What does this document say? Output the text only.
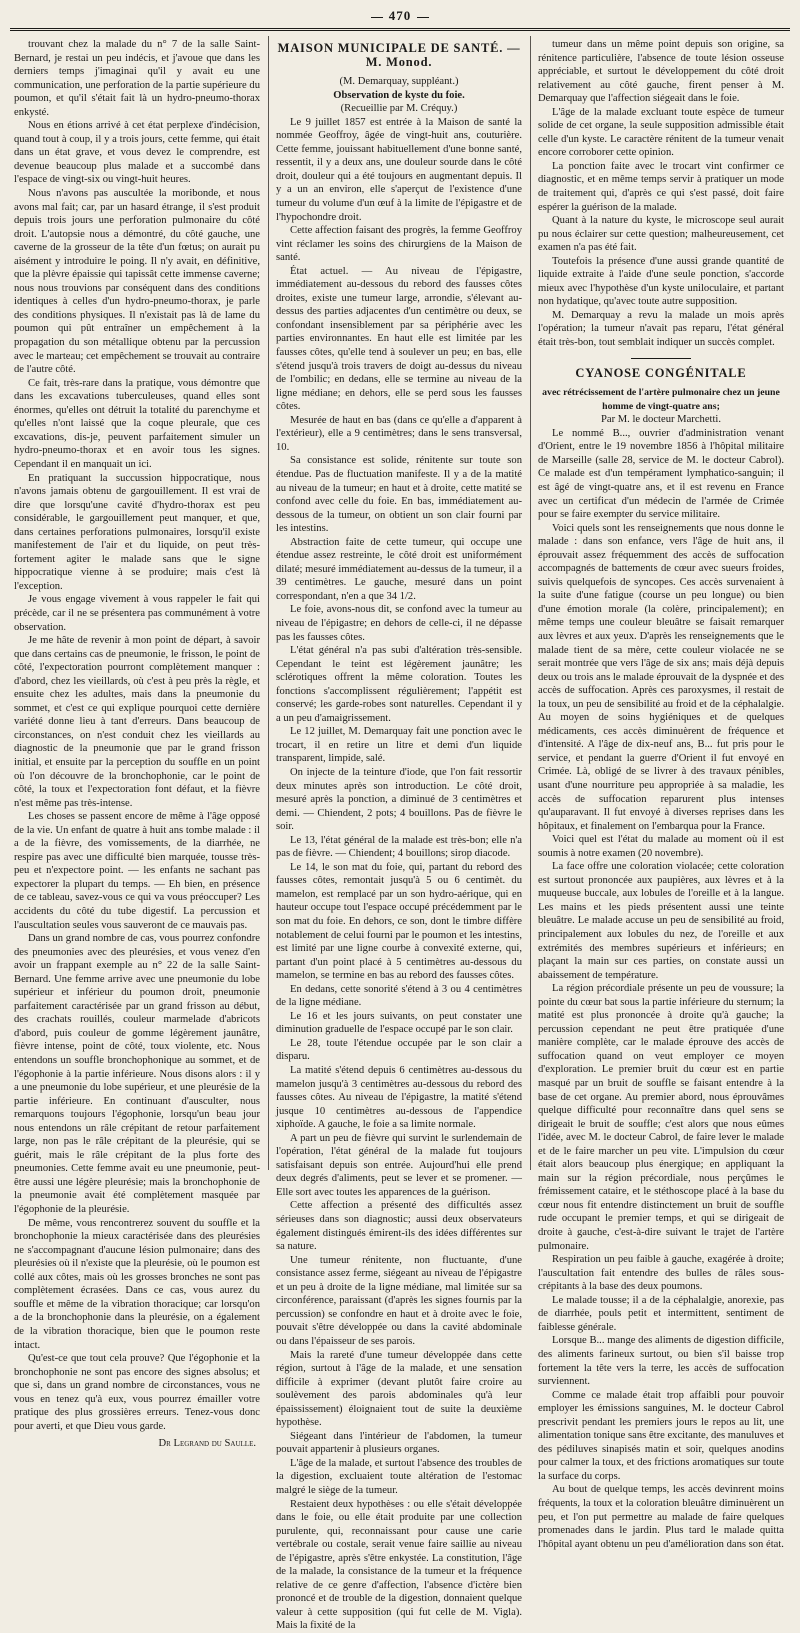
470

trouvant chez la malade du n° 7 de la salle Saint-Bernard, je restai un peu indécis, et j'avoue que dans les derniers temps j'imaginai qu'il y avait eu une communication, une perforation de la partie supérieure du poumon, et qu'il s'était fait là un hydro-pneumo-thorax enkysté.

Nous en étions arrivé à cet état perplexe d'indécision, quand tout à coup, il y a trois jours, cette femme, qui était dans un état grave, et vous devez le comprendre, est devenue beaucoup plus malade et a succombé dans l'espace de vingt-six ou vingt-huit heures.

Nous n'avons pas auscultée la moribonde, et nous avons mal fait; car, par un hasard étrange, il s'est produit depuis trois jours une perforation pulmonaire du côté droit. L'autopsie nous a démontré, du côté gauche, une caverne de la grosseur de la tête d'un fœtus; on aurait pu aisément y introduire le poing. Il n'y avait, en définitive, que la plèvre épaissie qui tapissât cette immense caverne; nous nous trouvions par conséquent dans des conditions identiques à celles d'un hydro-pneumo-thorax, je parle des conditions physiques. Il n'existait pas là de lame du poumon qui pût entraîner un empêchement à la propagation du son métallique obtenu par la percussion avec le marteau; cet empêchement se trouvait au contraire de l'autre côté.

Ce fait, très-rare dans la pratique, vous démontre que dans les excavations tuberculeuses, quand elles sont énormes, qu'elles ont détruit la totalité du parenchyme et qu'elles n'ont laissé que la coque pleurale, que ces excavations, dis-je, peuvent parfaitement simuler un hydro-pneumo-thorax et en avoir tous les signes. Cependant il en manquait un ici.

En pratiquant la succussion hippocratique, nous n'avons jamais obtenu de gargouillement. Il est vrai de dire que lorsqu'une cavité d'hydro-thorax est peu considérable, le gargouillement peut manquer, et que, dans certaines perforations pulmonaires, lorsqu'il existe manifestement de l'air et du liquide, on peut très-fortement agiter le malade sans que le signe hippocratique vienne à se produire; mais c'est là l'exception.

Je vous engage vivement à vous rappeler le fait qui précède, car il ne se présentera pas communément à votre observation.

Je me hâte de revenir à mon point de départ, à savoir que dans certains cas de pneumonie, le frisson, le point de côté, l'expectoration pourront complètement manquer : d'abord, chez les vieillards, où c'est à peu près la règle, et ensuite chez les adultes, mais dans la pneumonie du sommet, et c'est ce qui explique pourquoi cette dernière variété donne lieu à tant d'erreurs. Dans beaucoup de circonstances, on n'est conduit chez les vieillards au diagnostic de la pneumonie que par le grand frisson initial, et ensuite par la perception du souffle en un point où l'on découvre de la bronchophonie, car le point de côté, la toux et l'expectoration font défaut, et la fièvre n'est même pas très-intense.

Les choses se passent encore de même à l'âge opposé de la vie. Un enfant de quatre à huit ans tombe malade : il a de la fièvre, des vomissements, de la diarrhée, ne respire pas avec une difficulté bien marquée, tousse très-peu et n'expectore point. — les enfants ne sachant pas expectorer la plupart du temps. — Eh bien, en présence de ce tableau, savez-vous ce qui va vous préoccuper? Les accidents du côté du tube digestif. La percussion et l'auscultation seules vous sauveront de ce mauvais pas.

Dans un grand nombre de cas, vous pourrez confondre des pneumonies avec des pleurésies, et vous venez d'en avoir un frappant exemple au n° 22 de la salle Saint-Bernard. Une femme arrive avec une pneumonie du lobe supérieur et inférieur du poumon droit, pneumonie parfaitement caractérisée par un grand frisson au début, des crachats rouillés, couleur marmelade d'abricots d'abord, puis couleur de gomme légèrement jaunâtre, fièvre intense, point de côté, toux violente, etc. Nous entendons un souffle bronchophonique au sommet, et de l'égophonie à la partie inférieure. Nous disons alors : il y a une pneumonie du lobe supérieur, et une pleurésie de la partie inférieure. En continuant d'ausculter, nous remarquons toujours l'égophonie, lorsqu'un beau jour nous entendons un râle crépitant de retour parfaitement large, non pas le râle crépitant de la pleurésie, qui se guérit, mais le râle crépitant de la plus forte des pneumonies. Cette femme avait eu une pneumonie, peut-être aussi une légère pleurésie; mais la bronchophonie de la pneumonie avait été complètement masquée par l'égophonie de la pleurésie.

De même, vous rencontrerez souvent du souffle et la bronchophonie la mieux caractérisée dans des pleurésies ne s'accompagnant d'aucune lésion pulmonaire; dans des pleurésies où il n'existe que la pleurésie, où le poumon est collé aux côtes, mais où les grosses bronches ne sont pas complètement écrasées. Dans ce cas, vous aurez du souffle et même de la vibration thoracique; car lorsqu'on a de la bronchophonie dans la pleurésie, on a également de la vibration thoracique, bien que le poumon reste intact.

Qu'est-ce que tout cela prouve? Que l'égophonie et la bronchophonie ne sont pas encore des signes absolus; et que si, dans un grand nombre de circonstances, vous ne vous en tenez qu'à eux, vous pourrez émailler votre pratique des plus grossières erreurs. Tenez-vous donc pour averti, et que Dieu vous garde.

Dr Legrand du Saulle.
MAISON MUNICIPALE DE SANTÉ. — M. Monod.

(M. Demarquay, suppléant.)

Observation de kyste du foie.

(Recueillie par M. Créquy.)

Le 9 juillet 1857 est entrée à la Maison de santé la nommée Geoffroy, âgée de vingt-huit ans, couturière. Cette femme, jouissant habituellement d'une bonne santé, ressentit, il y a deux ans, une douleur sourde dans le côté droit, douleur qui a été toujours en augmentant depuis. Il y a un an environ, elle s'aperçut de l'existence d'une tumeur du volume d'un œuf à la limite de l'épigastre et de l'hypochondre droit.

Cette affection faisant des progrès, la femme Geoffroy vint réclamer les soins des chirurgiens de la Maison de santé.

État actuel. — Au niveau de l'épigastre, immédiatement au-dessous du rebord des fausses côtes droites, existe une tumeur large, arrondie, s'élevant au-dessus des parties adjacentes d'un centimètre ou deux, se confondant insensiblement par sa périphérie avec les parties environnantes. En haut elle est limitée par les fausses côtes, qu'elle tend à soulever un peu; en bas, elle s'étend jusqu'à trois travers de doigt au-dessus du niveau de l'ombilic; en dedans, elle se termine au niveau de la ligne médiane; en dehors, elle se perd sous les fausses côtes.

Mesurée de haut en bas (dans ce qu'elle a d'apparent à l'extérieur), elle a 9 centimètres; dans le sens transversal, 10.

Sa consistance est solide, rénitente sur toute son étendue. Pas de fluctuation manifeste. Il y a de la matité au niveau de la tumeur; en haut et à droite, cette matité se confond avec celle du foie. En bas, immédiatement au-dessous de la tumeur, on obtient un son clair fourni par les intestins.

Abstraction faite de cette tumeur, qui occupe une étendue assez restreinte, le côté droit est uniformément dilaté; mesuré immédiatement au-dessus de la tumeur, il a 39 centimètres. Le gauche, mesuré dans un point correspondant, n'en a que 34 1/2.

Le foie, avons-nous dit, se confond avec la tumeur au niveau de l'épigastre; en dehors de celle-ci, il ne dépasse pas les fausses côtes.

L'état général n'a pas subi d'altération très-sensible. Cependant le teint est légèrement jaunâtre; les sclérotiques offrent la même coloration. Toutes les fonctions s'accomplissent régulièrement; l'appétit est conservé; les garde-robes sont naturelles. Cependant il y a un peu d'amaigrissement.

Le 12 juillet, M. Demarquay fait une ponction avec le trocart, il en retire un litre et demi d'un liquide transparent, limpide, salé.

On injecte de la teinture d'iode, que l'on fait ressortir deux minutes après son introduction. Le côté droit, mesuré après la ponction, a diminué de 3 centimètres et demi. — Chiendent, 2 pots; 4 bouillons. Pas de fièvre le soir.

Le 13, l'état général de la malade est très-bon; elle n'a pas de fièvre. — Chiendent; 4 bouillons; sirop diacode.

Le 14, le son mat du foie, qui, partant du rebord des fausses côtes, remontait jusqu'à 5 ou 6 centimèt. du mamelon, est remplacé par un son hydro-aérique, qui en hauteur occupe tout l'espace occupé précédemment par le son mat du foie. En dehors, ce son, dont le timbre diffère notablement de celui fourni par le poumon et les intestins, est limité par une ligne courbe à convexité externe, qui, partant d'un point placé à 5 centimètres au-dessous du mamelon, se termine en bas au rebord des fausses côtes.

En dedans, cette sonorité s'étend à 3 ou 4 centimètres de la ligne médiane.

Le 16 et les jours suivants, on peut constater une diminution graduelle de l'espace occupé par le son clair.

Le 28, toute l'étendue occupée par le son clair a disparu.

La matité s'étend depuis 6 centimètres au-dessous du mamelon jusqu'à 3 centimètres au-dessous du rebord des fausses côtes. Au niveau de l'épigastre, la matité s'étend jusque 10 centimètres au-dessous de l'appendice xiphoïde. A gauche, le foie a sa limite normale.

A part un peu de fièvre qui survint le surlendemain de l'opération, l'état général de la malade fut toujours satisfaisant depuis son entrée. Aujourd'hui elle prend deux degrés d'aliments, peut se lever et se promener. — Elle sort avec toutes les apparences de la guérison.

Cette affection a présenté des difficultés assez sérieuses dans son diagnostic; aussi deux observateurs également distingués émirent-ils des idées différentes sur sa nature.

Une tumeur rénitente, non fluctuante, d'une consistance assez ferme, siégeant au niveau de l'épigastre et un peu à droite de la ligne médiane, mal limitée sur sa circonférence, paraissant (d'après les signes fournis par la percussion) se confondre en haut et à droite avec le foie, pouvait s'être développée ou dans la cavité abdominale ou dans l'épaisseur de ses parois.

Mais la rareté d'une tumeur développée dans cette région, surtout à l'âge de la malade, et une sensation difficile à exprimer (devant plutôt faire croire au soulèvement des parois abdominales qu'à leur épaississement) éloignaient tout de suite la deuxième hypothèse.

Siégeant dans l'intérieur de l'abdomen, la tumeur pouvait appartenir à plusieurs organes.

L'âge de la malade, et surtout l'absence des troubles de la digestion, excluaient toute altération de l'estomac malgré le siège de la tumeur.

Restaient deux hypothèses : ou elle s'était développée dans le foie, ou elle était produite par une collection purulente, qui, reconnaissant pour cause une carie vertébrale ou costale, serait venue faire saillie au niveau de l'épigastre, après s'être enkystée. La constitution, l'âge de la malade, la consistance de la tumeur et la fréquence relative de ce genre d'affection, l'absence d'ictère bien prononcé et de trouble de la digestion, donnaient quelque valeur à cette supposition (qui fut celle de M. Vigla). Mais la fixité de la

tumeur dans un même point depuis son origine, sa rénitence particulière, l'absence de toute lésion osseuse appréciable, et surtout le développement du côté droit relativement au côté gauche, firent penser à M. Demarquay que l'affection siégeait dans le foie.

L'âge de la malade excluant toute espèce de tumeur solide de cet organe, la seule supposition admissible était celle d'un kyste. Le caractère rénitent de la tumeur venait encore corroborer cette opinion.

La ponction faite avec le trocart vint confirmer ce diagnostic, et en même temps servir à pratiquer un mode de traitement qui, d'après ce qui s'est passé, doit faire espérer la guérison de la malade.

Quant à la nature du kyste, le microscope seul aurait pu nous éclairer sur cette question; malheureusement, cet examen n'a pas été fait.

Toutefois la présence d'une aussi grande quantité de liquide extraite à l'aide d'une seule ponction, s'accorde mieux avec l'hypothèse d'un kyste uniloculaire, et partant non hydatique, qu'avec toute autre supposition.

M. Demarquay a revu la malade un mois après l'opération; la tumeur n'avait pas reparu, l'état général était très-bon, tout semblait indiquer un succès complet.

CYANOSE CONGÉNITALE

avec rétrécissement de l'artère pulmonaire chez un jeune homme de vingt-quatre ans;

Par M. le docteur Marchetti.

Le nommé B..., ouvrier d'administration venant d'Orient, entre le 19 novembre 1856 à l'hôpital militaire de Marseille (salle 28, service de M. le docteur Cabrol). Ce malade est d'un tempérament lymphatico-sanguin; il est âgé de vingt-quatre ans, et il est revenu en France avec un certificat d'un médecin de l'armée de Crimée pour se faire exempter du service militaire.

Voici quels sont les renseignements que nous donne le malade : dans son enfance, vers l'âge de huit ans, il éprouvait assez fréquemment des accès de suffocation accompagnés de battements de cœur avec sueurs froides, suivis quelquefois de syncopes. Ces accès survenaient à la suite d'une fatigue (course un peu longue) ou bien d'une émotion morale (la colère, principalement); en même temps une couleur bleuâtre se faisait remarquer aux lèvres et aux yeux. D'après les renseignements que le malade tient de sa mère, cette couleur violacée ne se serait montrée que vers l'âge de six ans; mais déjà depuis deux ou trois ans le malade éprouvait de la dyspnée et des accès de suffocation. Après ces paroxysmes, il restait de la toux, un peu de sensibilité au froid et de la céphalalgie. Au moyen de soins hygiéniques et de quelques médicaments, ces accès diminuèrent de fréquence et d'intensité. A l'âge de dix-neuf ans, B... fut pris pour le service, et pendant la guerre d'Orient il fut envoyé en Crimée. Là, obligé de se livrer à des travaux pénibles, usant d'une nourriture peu appropriée à sa maladie, les accès de suffocation reparurent plus intenses qu'auparavant. Il fut envoyé à diverses reprises dans les hôpitaux, et finalement on l'embarqua pour la France.

Voici quel est l'état du malade au moment où il est soumis à notre examen (20 novembre).

La face offre une coloration violacée; cette coloration est surtout prononcée aux paupières, aux lèvres et à la muqueuse buccale, aux lobules de l'oreille et à la langue. Les mains et les pieds présentent aussi une teinte bleuâtre. Le malade accuse un peu de sensibilité au froid, principalement aux lobules du nez, de l'oreille et aux extrémités des membres supérieurs et inférieurs; en plaçant la main sur ces parties, on constate aussi un abaissement de température.

La région précordiale présente un peu de voussure; la pointe du cœur bat sous la partie inférieure du sternum; la matité est plus prononcée à droite qu'à gauche; la percussion cependant ne peut être pratiquée d'une manière complète, car le malade éprouve des accès de suffocation quand on veut employer ce moyen d'exploration. Le premier bruit du cœur est en partie masqué par un bruit de souffle se faisant entendre à la base de cet organe. Au premier abord, nous éprouvâmes quelque difficulté pour reconnaître dans quel sens se dirigeait le bruit de souffle; c'est alors que nous eûmes l'idée, avec M. le docteur Cabrol, de faire lever le malade et de le faire marcher un peu vite. L'impulsion du cœur était alors beaucoup plus énergique; en appliquant la main sur la région précordiale, nous perçûmes le frémissement cataire, et le stéthoscope placé à la base du cœur nous fit entendre distinctement un bruit de souffle rude occupant le premier temps, et qui se dirigeait de droite à gauche, c'est-à-dire suivant le trajet de l'artère pulmonaire.

Respiration un peu faible à gauche, exagérée à droite; l'auscultation fait entendre des bulles de râles sous-crépitants à la base des deux poumons.

Le malade tousse; il a de la céphalalgie, anorexie, pas de diarrhée, pouls petit et intermittent, sentiment de faiblesse générale.

Lorsque B... mange des aliments de digestion difficile, des aliments farineux surtout, ou bien s'il baisse trop fortement la tête vers la terre, les accès de suffocation surviennent.

Comme ce malade était trop affaibli pour pouvoir employer les émissions sanguines, M. le docteur Cabrol prescrivit pendant les premiers jours le repos au lit, une alimentation tonique sans être excitante, des manuluves et des pédiluves sinapisés matin et soir, quelques anodins pour calmer la toux, et des frictions aromatiques sur toute la surface du corps.

Au bout de quelque temps, les accès devinrent moins fréquents, la toux et la coloration bleuâtre diminuèrent un peu, et l'on put permettre au malade de faire quelques promenades dans le jardin. Plus tard le malade quitta l'hôpital ayant obtenu un peu d'amélioration dans son état.
